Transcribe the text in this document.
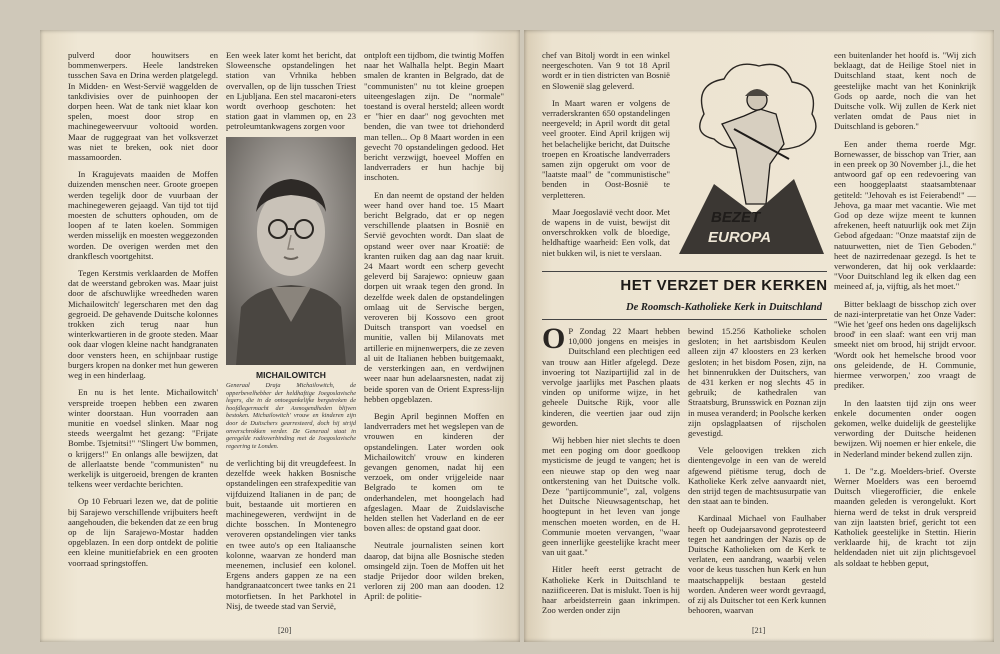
pulverd door houwitsers en bommenwerpers. Heele landstreken tusschen Sava en Drina werden platgelegd. In Midden- en West-Servië waggelden de tankdivisies over de puinhoopen der dorpen heen. Wat de tank niet klaar kon spelen, moest door strop en machinegeweervuur voltooid worden. Maar de ruggegraat van het volksverzet was niet te breken, ook niet door massamoorden.

In Kragujevats maaiden de Moffen duizenden menschen neer. Groote groepen werden tegelijk door de vuurbaan der machinegeweren gejaagd. Van tijd tot tijd moesten de schutters ophouden, om de loopen af te laten koelen. Sommigen werden misselijk en moesten weggezonden worden. De overigen werden met den drankflesch voortgehitst.

Tegen Kerstmis verklaarden de Moffen dat de weerstand gebroken was. Maar juist door de afschuwlijke wreedheden waren Michailowitch' legerscharen met den dag gegroeid. De gehavende Duitsche kolonnes trokken zich terug naar hun winterkwartieren in de groote steden. Maar ook daar vlogen kleine nacht handgranaten door vensters heen, en schijnbaar rustige burgers kropen na donker met hun geweren weg in een hinderlaag.

En nu is het lente. Michailowitch' verspreide troepen hebben een zwaren winter doorstaan. Hun voorraden aan munitie en voedsel slinken. Maar nog steeds weergalmt het gezang: "Frijate Bombe. Tsjetnitsi!" "Slingert Uw bommen, o krijgers!" En onlangs alle bewijzen, dat de allerlaatste bende "communisten" nu werkelijk is uitgeroeid, brengen de kranten telkens weer verdachte berichten.

Op 10 Februari lezen we, dat de politie bij Sarajewo verschillende vrijbuiters heeft aangehouden, die bekenden dat ze een brug op de lijn Sarajewo-Mostar hadden opgeblazen. In een dorp ontdekt de politie een kleine munitiefabriek en een grooten voorraad springstoffen.

Een week later komt het bericht, dat Sloweensche opstandelingen het station van Vrhnika hebben overvallen, op de lijn tusschen Triest en Ljubljana. Een stel macaroni-eters wordt overhoop geschoten: het station gaat in vlammen op, en 23 petroleumtankwagens zorgen voor

MICHAILOWITCH
Generaal Draja Michailowitch, de opperbevelhebber der heldhaftige Joegoslavische legers, die in de ontoegankelijke bergstreken de hoofdlegermacht der Asmogendheden blijven bestoken. Michailowitch' vrouw en kinderen zijn door de Duitschers gearresteerd, doch hij strijd onverschrokken verder. De Generaal staat in geregelde radioverbinding met de Joegoslavische regeering te Londen.

de verlichting bij dit vreugdefeest. In dezelfde week hakken Bosnische opstandelingen een strafexpeditie van vijfduizend Italianen in de pan; de buit, bestaande uit mortieren en machinegeweren, verdwijnt in de dichte bosschen. In Montenegro veroveren opstandelingen vier tanks en twee auto's op een Italiaansche kolonne, waarvan ze honderd man meenemen, inclusief een kolonel. Ergens anders gappen ze na een handgranaatconcert twee tanks en 21 motorfietsen. In het Parkhotel in Nisj, de tweede stad van Servië,

ontploft een tijdbom, die twintig Moffen naar het Walhalla helpt. Begin Maart smalen de kranten in Belgrado, dat de "communisten" nu tot kleine groepen uiteengeslagen zijn. De "normale" toestand is overal hersteld; alleen wordt er "hier en daar" nog gevochten met benden, die van twee tot driehonderd man tellen... Op 8 Maart worden in een gevecht 70 opstandelingen gedood. Het bericht verzwijgt, hoeveel Moffen en landverraders er hun hachje bij inschoten.

En dan neemt de opstand der helden weer hand over hand toe. 15 Maart bericht Belgrado, dat er op negen verschillende plaatsen in Bosnië en Servië gevochten wordt. Dan slaat de opstand weer over naar Kroatië: de kranten ruiken dag aan dag naar kruit. 24 Maart wordt een scherp gevecht geleverd bij Sarajewo: opnieuw gaan dorpen uit wraak tegen den grond. In dezelfde week dalen de opstandelingen omlaag uit de Servische bergen, veroveren bij Kossovo een groot Duitsch transport van voedsel en munitie, vallen bij Milanovats met artillerie en mijnenwerpers, die ze zeven al uit de Italianen hebben buitgemaakt, de versterkingen aan, en verdwijnen weer naar hun adelaarsnesten, nadat zij beide sporen van de Orient Express-lijn hebben opgeblazen.

Begin April beginnen Moffen en landverraders met het wegslepen van de vrouwen en kinderen der opstandelingen. Later worden ook Michailowitch' vrouw en kinderen gevangen genomen, nadat hij een verzoek, om onder vrijgeleide naar Belgrado te komen om te onderhandelen, met hoongelach had afgeslagen. Maar de Zuidslavische helden stellen het Vaderland en de eer boven alles: de opstand gaat door.

Neutrale journalisten seinen kort daarop, dat bijna alle Bosnische steden omsingeld zijn. Toen de Moffen uit het stadje Prijedor door wilden breken, verloren zij 200 man aan dooden. 12 April: de politie-

[20]

chef van Bitolj wordt in een winkel neergeschoten. Van 9 tot 18 April wordt er in tien districten van Bosnië en Slowenië slag geleverd.

In Maart waren er volgens de verraderskranten 650 opstandelingen neergeveld; in April wordt dit getal veel grooter. Eind April krijgen wij het belachelijke bericht, dat Duitsche troepen en Kroatische landverraders samen zijn opgerukt om voor de "laatste maal" de "communistische" benden in Oost-Bosnië te verpletteren.

Maar Joegoslavië vecht door. Met de wapens in de vuist, bewijst dit onverschrokken volk de bloedige, heldhaftige waarheid: Een volk, dat niet bukken wil, is niet te verslaan.

BEZET
EUROPA
HET VERZET DER KERKEN
De Roomsch-Katholieke Kerk in Duitschland

O P Zondag 22 Maart hebben 10,000 jongens en meisjes in Duitschland een plechtigen eed van trouw aan Hitler afgelegd. Deze invoering tot Nazipartijlid zal in de vervolge jaarlijks met Paschen plaats vinden op uniforme wijze, in het geheele Duitsche Rijk, voor alle kinderen, die veertien jaar oud zijn geworden.

Wij hebben hier niet slechts te doen met een poging om door goedkoop mysticisme de jeugd te vangen; het is een nieuwe stap op den weg naar ontkerstening van het Duitsche volk. Deze "partijcommunie", zal, volgens het Duitsche Nieuwsagentschap, het hoogtepunt in het leven van jonge menschen moeten worden, en de H. Communie moeten vervangen, "waar geen innerlijke geestelijke kracht meer van uit gaat."

Hitler heeft eerst getracht de Katholieke Kerk in Duitschland te naziificeeren. Dat is mislukt. Toen is hij haar arbeidsterrein gaan inkrimpen. Zoo werden onder zijn

bewind 15.256 Katholieke scholen gesloten; in het aartsbisdom Keulen alleen zijn 47 kloosters en 23 kerken gesloten; in het bisdom Posen, zijn, na het binnenrukken der Duitschers, van de 431 kerken er nog slechts 45 in gebruik; de kathedralen van Straatsburg, Brunsswick en Poznan zijn in musea veranderd; in Poolsche kerken zijn opslagplaatsen of rijscholen gevestigd.

Vele geloovigen trekken zich dientengevolge in een van de wereld afgewend piëtisme terug, doch de Katholieke Kerk zelve aanvaardt niet, den strijd tegen de machtsusurpatie van den staat aan te binden.

Kardinaal Michael von Faulhaber heeft op Oudejaarsavond geprotesteerd tegen het aandringen der Nazis op de Duitsche Katholieken om de Kerk te verlaten, een aandrang, waarbij velen voor de keus tusschen hun Kerk en hun maatschappelijk bestaan gesteld worden. Anderen weer wordt gevraagd, of zij als Duitscher tot een Kerk kunnen behooren, waarvan

een buitenlander het hoofd is. "Wij zich beklaagt, dat de Heilige Stoel niet in Duitschland staat, kent noch de geestelijke macht van het Koninkrijk Gods op aarde, noch die van het Duitsche volk. Wij zullen de Kerk niet verlaten omdat de Paus niet in Duitschland is geboren."

Een ander thema roerde Mgr. Bornewasser, de bisschop van Trier, aan in een preek op 30 November j.l., die het antwoord gaf op een redevoering van een hooggeplaatst staatsambtenaar getiteld: "Jehovah es ist Feierabend!" — Jehova, ga maar met vacantie. Wie met God op deze wijze meent te kunnen afrekenen, heeft natuurlijk ook met Zijn Gebod afgedaan: "Onze maatstaf zijn de natuurwetten, niet de Tien Geboden." heet de nazirredenaar gezegd. Is het te verwonderen, dat hij ook verklaarde: "Voor Duitschland leg ik elken dag een meineed af, ja, vijftig, als het moet."

Bitter beklaagt de bisschop zich over de nazi-interpretatie van het Onze Vader: "Wie het 'geef ons heden ons dagelijksch brood' in een slaaf: want een vrij man smeekt niet om brood, hij strijdt ervoor. 'Wordt ook het hemelsche brood voor ons geleidende, de H. Communie, hiermee verworpen,' zoo vraagt de prediker.

In den laatsten tijd zijn ons weer enkele documenten onder oogen gekomen, welke duidelijk de geestelijke verwording der Duitsche heidenen bewijzen. Wij noemen er hier enkele, die in Nederland minder bekend zullen zijn.

1. De "z.g. Moelders-brief. Overste Werner Moelders was een beroemd Duitsch vliegerofficier, die enkele maanden geleden is verongelukt. Kort hierna werd de tekst in druk verspreid van zijn laatsten brief, gericht tot een Katholiek geestelijke in Stettin. Hierin verklaarde hij, de kracht tot zijn heldendaden niet uit zijn plichtsgevoel als soldaat te hebben geput,

[21]
